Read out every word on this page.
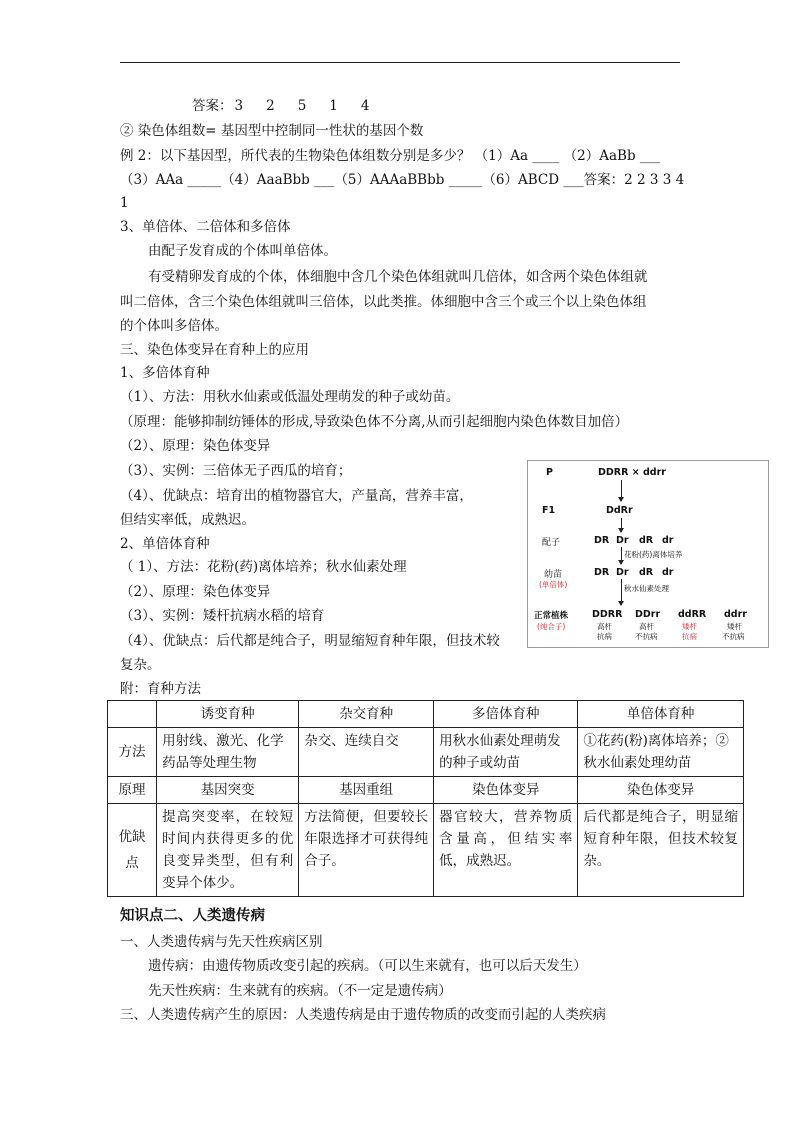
答案： 3 2 5 1 4
② 染色体组数= 基因型中控制同一性状的基因个数
例 2：以下基因型，所代表的生物染色体组数分别是多少？ （1）Aa ____ （2）AaBb ___
（3）AAa _____（4）AaaBbb ___（5）AAAaBBbb _____（6）ABCD ___答案：2 2 3 3 4
1
3、单倍体、二倍体和多倍体
由配子发育成的个体叫单倍体。
有受精卵发育成的个体，体细胞中含几个染色体组就叫几倍体，如含两个染色体组就
叫二倍体，含三个染色体组就叫三倍体，以此类推。体细胞中含三个或三个以上染色体组
的个体叫多倍体。
三、染色体变异在育种上的应用
1、多倍体育种
（1）、方法：用秋水仙素或低温处理萌发的种子或幼苗。
（原理：能够抑制纺锤体的形成,导致染色体不分离,从而引起细胞内染色体数目加倍）
（2）、原理：染色体变异
（3）、实例：三倍体无子西瓜的培育；
（4）、优缺点：培育出的植物器官大，产量高，营养丰富，
但结实率低，成熟迟。
2、单倍体育种
（ 1）、方法：花粉(药)离体培养；秋水仙素处理
（2）、原理：染色体变异
（3）、实例：矮杆抗病水稻的培育
（4）、优缺点：后代都是纯合子，明显缩短育种年限，但技术较
复杂。
附：育种方法
P	DDRR × ddrr
F1	DdRr
配子	DR Dr dR dr
花粉(药)离体培养
幼苗
(单倍体)
DR Dr dR dr
秋水仙素处理
正常植株
(纯合子)
DDRR
高杆
抗病
DDrr
高杆
不抗病
ddRR
矮杆
抗病
ddrr
矮杆
不抗病
	诱变育种	杂交育种	多倍体育种	单倍体育种
方法	用射线、激光、化学药品等处理生物	杂交、连续自交	用秋水仙素处理萌发的种子或幼苗	①花药(粉)离体培养；②秋水仙素处理幼苗
原理	基因突变	基因重组	染色体变异	染色体变异
优缺点	提高突变率，在较短时间内获得更多的优良变异类型，但有利变异个体少。	方法简便，但要较长年限选择才可获得纯合子。	器官较大，营养物质含量高，但结实率低，成熟迟。	后代都是纯合子，明显缩短育种年限，但技术较复杂。
知识点二、人类遗传病
一、人类遗传病与先天性疾病区别
遗传病：由遗传物质改变引起的疾病。（可以生来就有，也可以后天发生）
先天性疾病：生来就有的疾病。（不一定是遗传病）
三、人类遗传病产生的原因：人类遗传病是由于遗传物质的改变而引起的人类疾病
